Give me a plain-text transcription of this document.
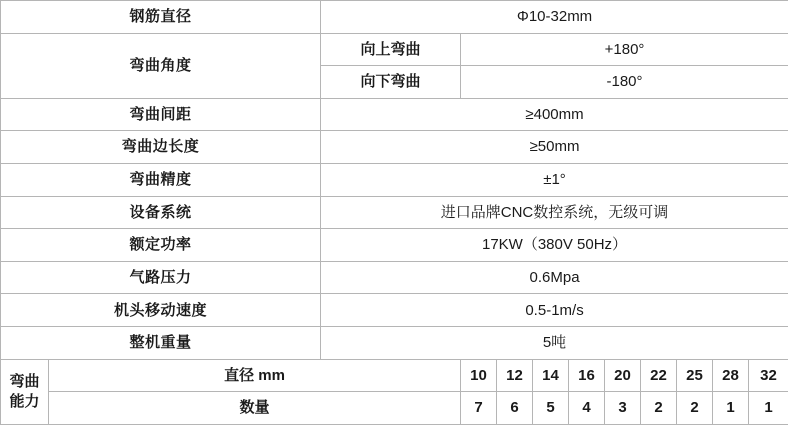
钢筋直径		Φ10-32mm									
弯曲角度		向上弯曲	+180°								
		向下弯曲	-180°								
弯曲间距		≥400mm									
弯曲边长度		≥50mm									
弯曲精度		±1°									
设备系统		进口品牌CNC数控系统，无级可调									
额定功率		17KW（380V 50Hz）									
气路压力		0.6Mpa									
机头移动速度		0.5-1m/s									
整机重量		5吨									
弯曲能力	直径 mm		10	12	14	16	20	22	25	28	32
	数量		7	6	5	4	3	2	2	1	1
